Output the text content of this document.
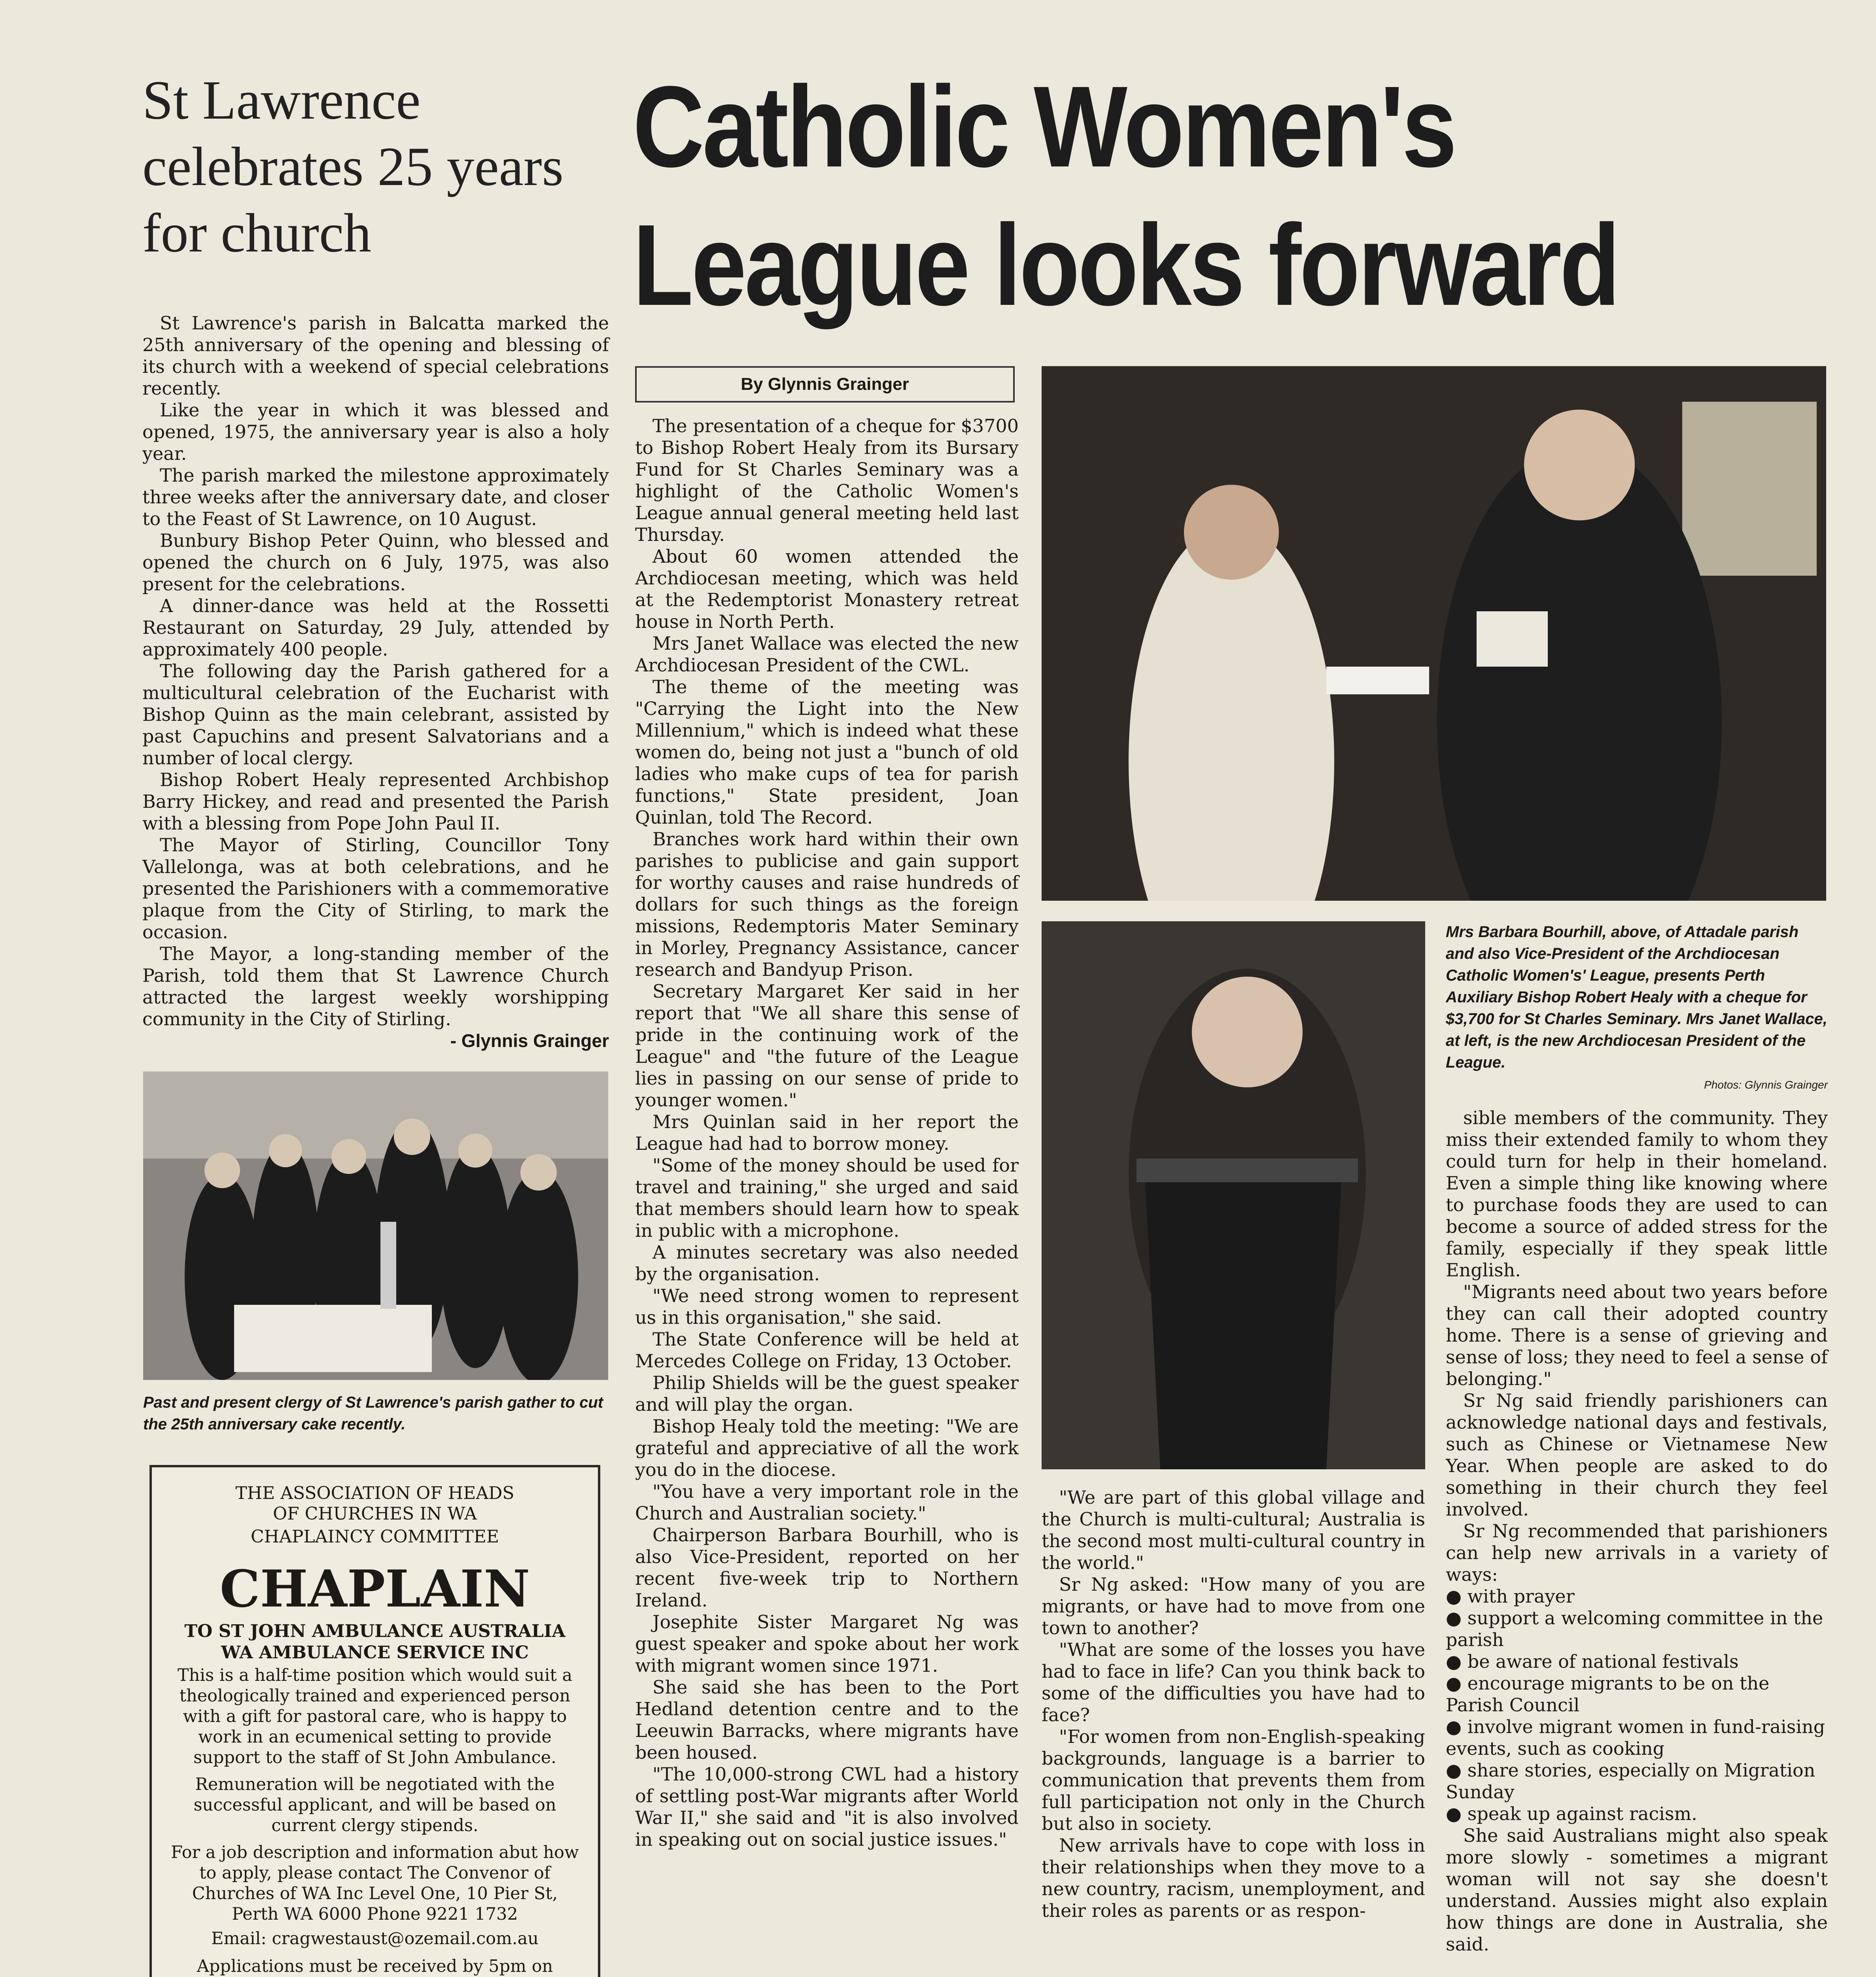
St Lawrence celebrates 25 years for church

St Lawrence's parish in Balcatta marked the 25th anniversary of the opening and blessing of its church with a weekend of special celebrations recently.

Like the year in which it was blessed and opened, 1975, the anniversary year is also a holy year.

The parish marked the milestone approximately three weeks after the anniversary date, and closer to the Feast of St Lawrence, on 10 August.

Bunbury Bishop Peter Quinn, who blessed and opened the church on 6 July, 1975, was also present for the celebrations.

A dinner-dance was held at the Rossetti Restaurant on Saturday, 29 July, attended by approximately 400 people.

The following day the Parish gathered for a multicultural celebration of the Eucharist with Bishop Quinn as the main celebrant, assisted by past Capuchins and present Salvatorians and a number of local clergy.

Bishop Robert Healy represented Archbishop Barry Hickey, and read and presented the Parish with a blessing from Pope John Paul II.

The Mayor of Stirling, Councillor Tony Vallelonga, was at both celebrations, and he presented the Parishioners with a commemorative plaque from the City of Stirling, to mark the occasion.

The Mayor, a long-standing member of the Parish, told them that St Lawrence Church attracted the largest weekly worshipping community in the City of Stirling.

- Glynnis Grainger

Past and present clergy of St Lawrence's parish gather to cut the 25th anniversary cake recently.
THE ASSOCIATION OF HEADS
OF CHURCHES IN WA
CHAPLAINCY COMMITTEE
CHAPLAIN
TO ST JOHN AMBULANCE AUSTRALIA
WA AMBULANCE SERVICE INC
This is a half-time position which would suit a theologically trained and experienced person with a gift for pastoral care, who is happy to work in an ecumenical setting to provide support to the staff of St John Ambulance.
Remuneration will be negotiated with the successful applicant, and will be based on current clergy stipends.
For a job description and information abut how to apply, please contact The Convenor of Churches of WA Inc Level One, 10 Pier St, Perth WA 6000 Phone 9221 1732
Email: cragwestaust@ozemail.com.au
Applications must be received by 5pm on
Catholic Women's
League looks forward
By Glynnis Grainger

The presentation of a cheque for $3700 to Bishop Robert Healy from its Bursary Fund for St Charles Seminary was a highlight of the Catholic Women's League annual general meeting held last Thursday.

About 60 women attended the Archdiocesan meeting, which was held at the Redemptorist Monastery retreat house in North Perth.

Mrs Janet Wallace was elected the new Archdiocesan President of the CWL.

The theme of the meeting was "Carrying the Light into the New Millennium," which is indeed what these women do, being not just a "bunch of old ladies who make cups of tea for parish functions," State president, Joan Quinlan, told The Record.

Branches work hard within their own parishes to publicise and gain support for worthy causes and raise hundreds of dollars for such things as the foreign missions, Redemptoris Mater Seminary in Morley, Pregnancy Assistance, cancer research and Bandyup Prison.

Secretary Margaret Ker said in her report that "We all share this sense of pride in the continuing work of the League" and "the future of the League lies in passing on our sense of pride to younger women."

Mrs Quinlan said in her report the League had had to borrow money.

"Some of the money should be used for travel and training," she urged and said that members should learn how to speak in public with a microphone.

A minutes secretary was also needed by the organisation.

"We need strong women to represent us in this organisation," she said.

The State Conference will be held at Mercedes College on Friday, 13 October.

Philip Shields will be the guest speaker and will play the organ.

Bishop Healy told the meeting: "We are grateful and appreciative of all the work you do in the diocese.

"You have a very important role in the Church and Australian society."

Chairperson Barbara Bourhill, who is also Vice-President, reported on her recent five-week trip to Northern Ireland.

Josephite Sister Margaret Ng was guest speaker and spoke about her work with migrant women since 1971.

She said she has been to the Port Hedland detention centre and to the Leeuwin Barracks, where migrants have been housed.

"The 10,000-strong CWL had a history of settling post-War migrants after World War II," she said and "it is also involved in speaking out on social justice issues."

Mrs Barbara Bourhill, above, of Attadale parish and also Vice-President of the Archdiocesan Catholic Women's' League, presents Perth Auxiliary Bishop Robert Healy with a cheque for $3,700 for St Charles Seminary. Mrs Janet Wallace, at left, is the new Archdiocesan President of the League.
Photos: Glynnis Grainger

"We are part of this global village and the Church is multi-cultural; Australia is the second most multi-cultural country in the world."

Sr Ng asked: "How many of you are migrants, or have had to move from one town to another?

"What are some of the losses you have had to face in life? Can you think back to some of the difficulties you have had to face?

"For women from non-English-speaking backgrounds, language is a barrier to communication that prevents them from full participation not only in the Church but also in society.

New arrivals have to cope with loss in their relationships when they move to a new country, racism, unemployment, and their roles as parents or as respon-

sible members of the community. They miss their extended family to whom they could turn for help in their homeland. Even a simple thing like knowing where to purchase foods they are used to can become a source of added stress for the family, especially if they speak little English.

"Migrants need about two years before they can call their adopted country home. There is a sense of grieving and sense of loss; they need to feel a sense of belonging."

Sr Ng said friendly parishioners can acknowledge national days and festivals, such as Chinese or Vietnamese New Year. When people are asked to do something in their church they feel involved.

Sr Ng recommended that parishioners can help new arrivals in a variety of ways:

● with prayer
● support a welcoming committee in the parish
● be aware of national festivals
● encourage migrants to be on the Parish Council
● involve migrant women in fund-raising events, such as cooking
● share stories, especially on Migration Sunday
● speak up against racism.

She said Australians might also speak more slowly - sometimes a migrant woman will not say she doesn't understand. Aussies might also explain how things are done in Australia, she said.
